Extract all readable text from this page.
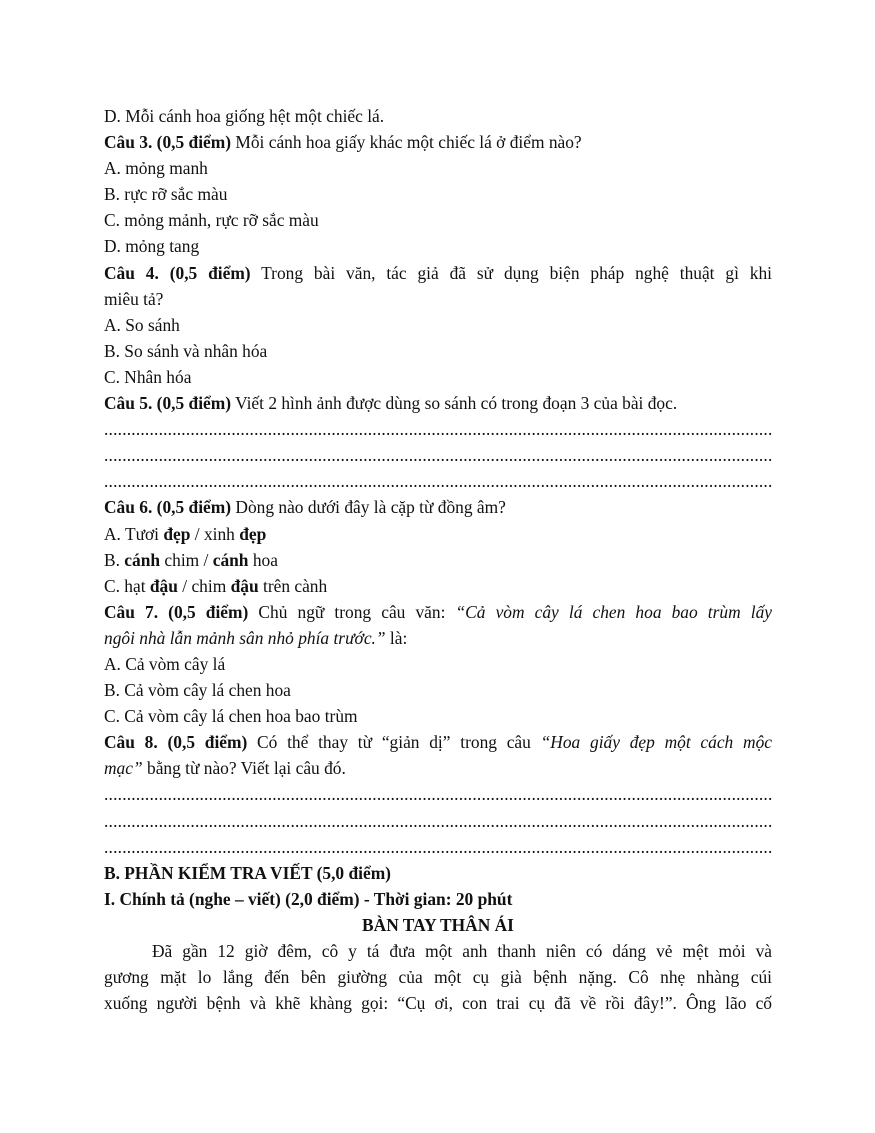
D. Mỗi cánh hoa giống hệt một chiếc lá.
Câu 3. (0,5 điểm) Mỗi cánh hoa giấy khác một chiếc lá ở điểm nào?
A. mỏng manh
B. rực rỡ sắc màu
C. mỏng mảnh, rực rỡ sắc màu
D. mỏng tang
Câu 4. (0,5 điểm) Trong bài văn, tác giả đã sử dụng biện pháp nghệ thuật gì khi
miêu tả?
A. So sánh
B. So sánh và nhân hóa
C. Nhân hóa
Câu 5. (0,5 điểm) Viết 2 hình ảnh được dùng so sánh có trong đoạn 3 của bài đọc.
.....
.....
.....
Câu 6. (0,5 điểm) Dòng nào dưới đây là cặp từ đồng âm?
A. Tươi đẹp / xinh đẹp
B. cánh chim / cánh hoa
C. hạt đậu / chim đậu trên cành
Câu 7. (0,5 điểm) Chủ ngữ trong câu văn: “Cả vòm cây lá chen hoa bao trùm lấy
ngôi nhà lẫn mảnh sân nhỏ phía trước.” là:
A. Cả vòm cây lá
B. Cả vòm cây lá chen hoa
C. Cả vòm cây lá chen hoa bao trùm
Câu 8. (0,5 điểm) Có thể thay từ “giản dị” trong câu “Hoa giấy đẹp một cách mộc
mạc” bằng từ nào? Viết lại câu đó.
.....
.....
.....
B. PHẦN KIỂM TRA VIẾT (5,0 điểm)
I. Chính tả (nghe – viết) (2,0 điểm) - Thời gian: 20 phút
BÀN TAY THÂN ÁI
Đã gần 12 giờ đêm, cô y tá đưa một anh thanh niên có dáng vẻ mệt mỏi và
gương mặt lo lắng đến bên giường của một cụ già bệnh nặng. Cô nhẹ nhàng cúi
xuống người bệnh và khẽ khàng gọi: “Cụ ơi, con trai cụ đã về rồi đây!”. Ông lão cố
